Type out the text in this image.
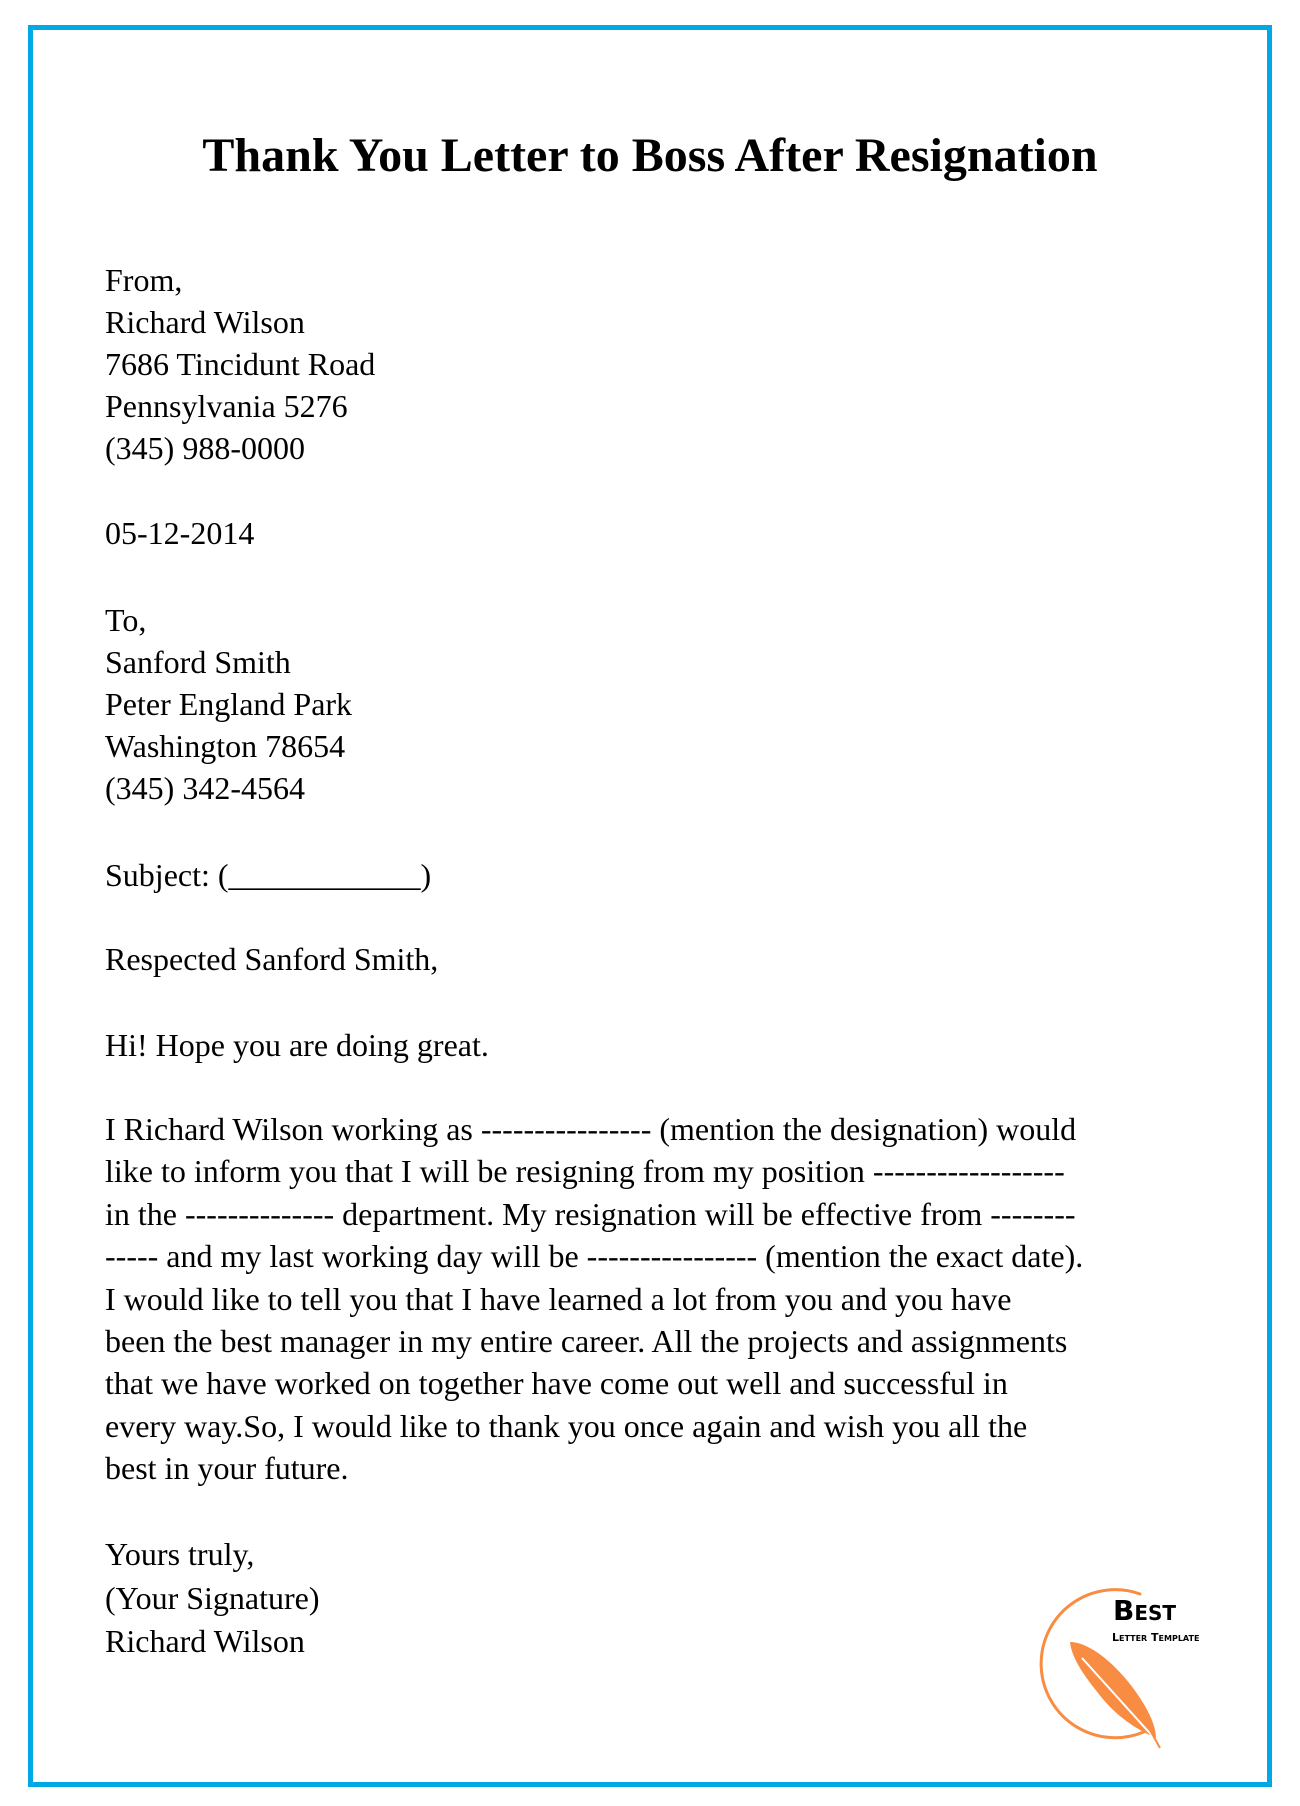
Thank You Letter to Boss After Resignation
From,
Richard Wilson
7686 Tincidunt Road
Pennsylvania 5276
(345) 988-0000
05-12-2014
To,
Sanford Smith
Peter England Park
Washington 78654
(345) 342-4564
Subject: (____________)
Respected Sanford Smith,
Hi! Hope you are doing great.
I Richard Wilson working as ---------------- (mention the designation) would
like to inform you that I will be resigning from my position ------------------
in the -------------- department. My resignation will be effective from --------
----- and my last working day will be ---------------- (mention the exact date).
I would like to tell you that I have learned a lot from you and you have
been the best manager in my entire career. All the projects and assignments
that we have worked on together have come out well and successful in
every way.So, I would like to thank you once again and wish you all the
best in your future.
Yours truly,
(Your Signature)
Richard Wilson
Best
Letter Template
